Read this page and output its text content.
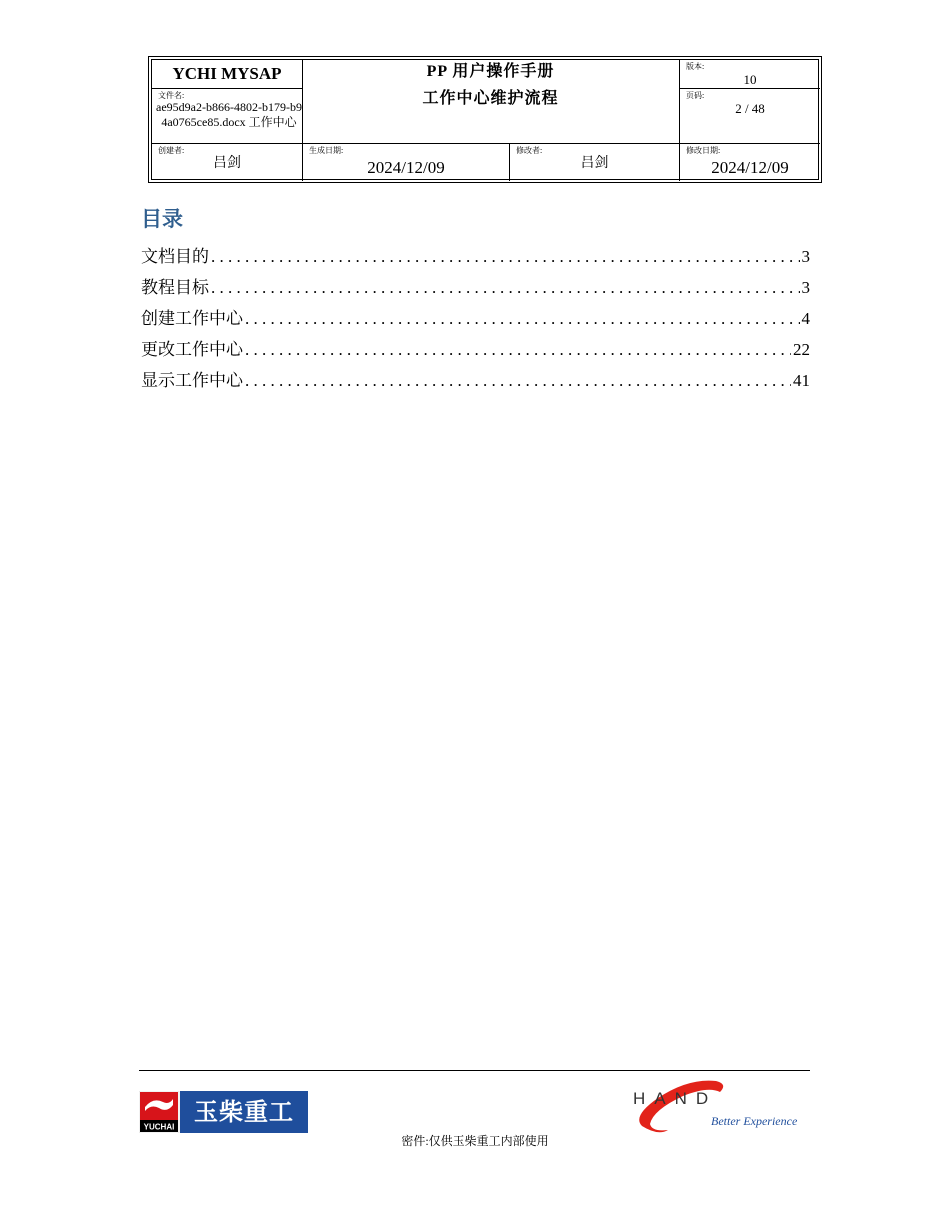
YCHI MYSAP
文件名:
ae95d9a2-b866-4802-b179-b94a0765ce85.docx 工作中心
PP 用户操作手册
工作中心维护流程
版本:
10
页码:
2 / 48
创建者:
吕剑
生成日期:
2024/12/09
修改者:
吕剑
修改日期:
2024/12/09
目录
文档目的 . . .	3
教程目标 . . .	3
创建工作中心 . . .	4
更改工作中心 . . .	22
显示工作中心 . . .	41
YUCHAI
玉柴重工	HAND
Better Experience
密件:仅供玉柴重工内部使用
